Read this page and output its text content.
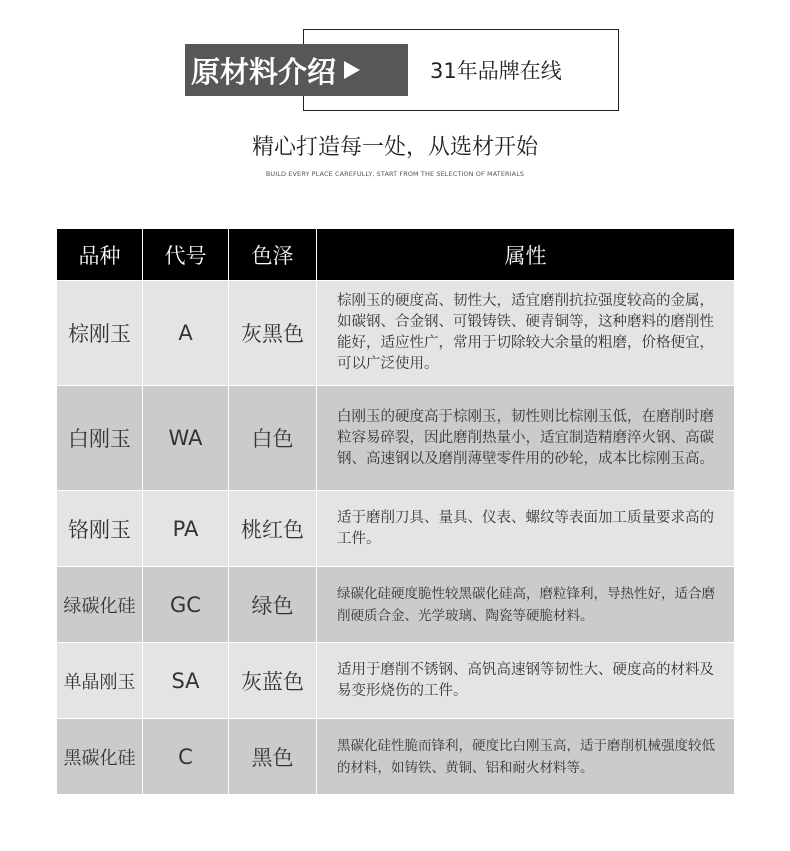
31年品牌在线
原材料介绍
精心打造每一处，从选材开始
BUILD EVERY PLACE CAREFULLY, START FROM THE SELECTION OF MATERIALS
品种	代号	色泽	属性
棕刚玉	A	灰黑色	棕刚玉的硬度高、韧性大，适宜磨削抗拉强度较高的金属，如碳钢、合金钢、可锻铸铁、硬青铜等，这种磨料的磨削性能好，适应性广，常用于切除较大余量的粗磨，价格便宜，可以广泛使用。
白刚玉	WA	白色	白刚玉的硬度高于棕刚玉，韧性则比棕刚玉低，在磨削时磨粒容易碎裂，因此磨削热量小，适宜制造精磨淬火钢、高碳钢、高速钢以及磨削薄壁零件用的砂轮，成本比棕刚玉高。
铬刚玉	PA	桃红色	适于磨削刀具、量具、仪表、螺纹等表面加工质量要求高的工件。
绿碳化硅	GC	绿色	绿碳化硅硬度脆性较黑碳化硅高，磨粒锋利，导热性好，适合磨削硬质合金、光学玻璃、陶瓷等硬脆材料。
单晶刚玉	SA	灰蓝色	适用于磨削不锈钢、高钒高速钢等韧性大、硬度高的材料及易变形烧伤的工件。
黑碳化硅	C	黑色	黑碳化硅性脆而锋利，硬度比白刚玉高，适于磨削机械强度较低的材料，如铸铁、黄铜、铝和耐火材料等。
